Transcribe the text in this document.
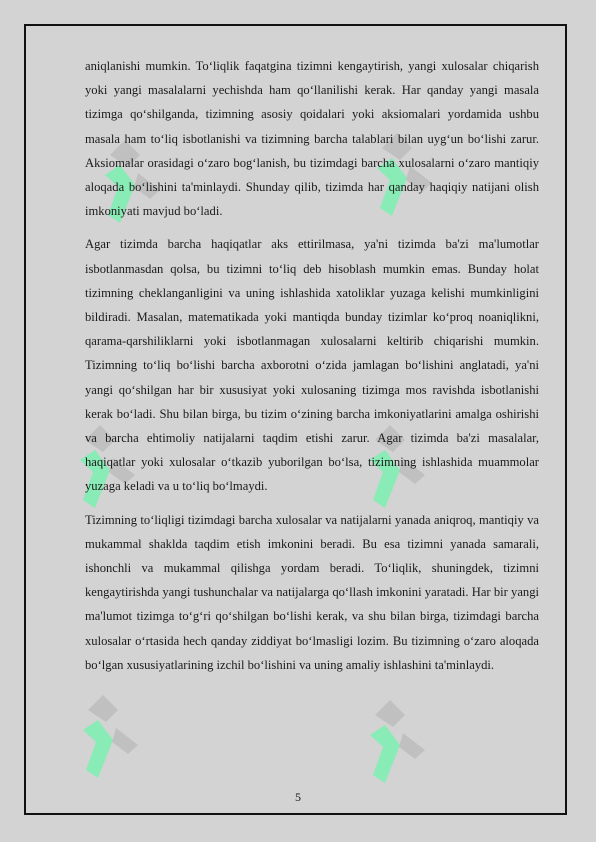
aniqlanishi mumkin. To‘liqlik faqatgina tizimni kengaytirish, yangi xulosalar chiqarish yoki yangi masalalarni yechishda ham qo‘llanilishi kerak. Har qanday yangi masala tizimga qo‘shilganda, tizimning asosiy qoidalari yoki aksiomalari yordamida ushbu masala ham to‘liq isbotlanishi va tizimning barcha talablari bilan uyg‘un bo‘lishi zarur. Aksiomalar orasidagi o‘zaro bog‘lanish, bu tizimdagi barcha xulosalarni o‘zaro mantiqiy aloqada bo‘lishini ta'minlaydi. Shunday qilib, tizimda har qanday haqiqiy natijani olish imkoniyati mavjud bo‘ladi.

Agar tizimda barcha haqiqatlar aks ettirilmasa, ya'ni tizimda ba'zi ma'lumotlar isbotlanmasdan qolsa, bu tizimni to‘liq deb hisoblash mumkin emas. Bunday holat tizimning cheklanganligini va uning ishlashida xatoliklar yuzaga kelishi mumkinligini bildiradi. Masalan, matematikada yoki mantiqda bunday tizimlar ko‘proq noaniqlikni, qarama-qarshiliklarni yoki isbotlanmagan xulosalarni keltirib chiqarishi mumkin. Tizimning to‘liq bo‘lishi barcha axborotni o‘zida jamlagan bo‘lishini anglatadi, ya'ni yangi qo‘shilgan har bir xususiyat yoki xulosaning tizimga mos ravishda isbotlanishi kerak bo‘ladi. Shu bilan birga, bu tizim o‘zining barcha imkoniyatlarini amalga oshirishi va barcha ehtimoliy natijalarni taqdim etishi zarur. Agar tizimda ba'zi masalalar, haqiqatlar yoki xulosalar o‘tkazib yuborilgan bo‘lsa, tizimning ishlashida muammolar yuzaga keladi va u to‘liq bo‘lmaydi.

Tizimning to‘liqligi tizimdagi barcha xulosalar va natijalarni yanada aniqroq, mantiqiy va mukammal shaklda taqdim etish imkonini beradi. Bu esa tizimni yanada samarali, ishonchli va mukammal qilishga yordam beradi. To‘liqlik, shuningdek, tizimni kengaytirishda yangi tushunchalar va natijalarga qo‘llash imkonini yaratadi. Har bir yangi ma'lumot tizimga to‘g‘ri qo‘shilgan bo‘lishi kerak, va shu bilan birga, tizimdagi barcha xulosalar o‘rtasida hech qanday ziddiyat bo‘lmasligi lozim. Bu tizimning o‘zaro aloqada bo‘lgan xususiyatlarining izchil bo‘lishini va uning amaliy ishlashini ta'minlaydi.

5
